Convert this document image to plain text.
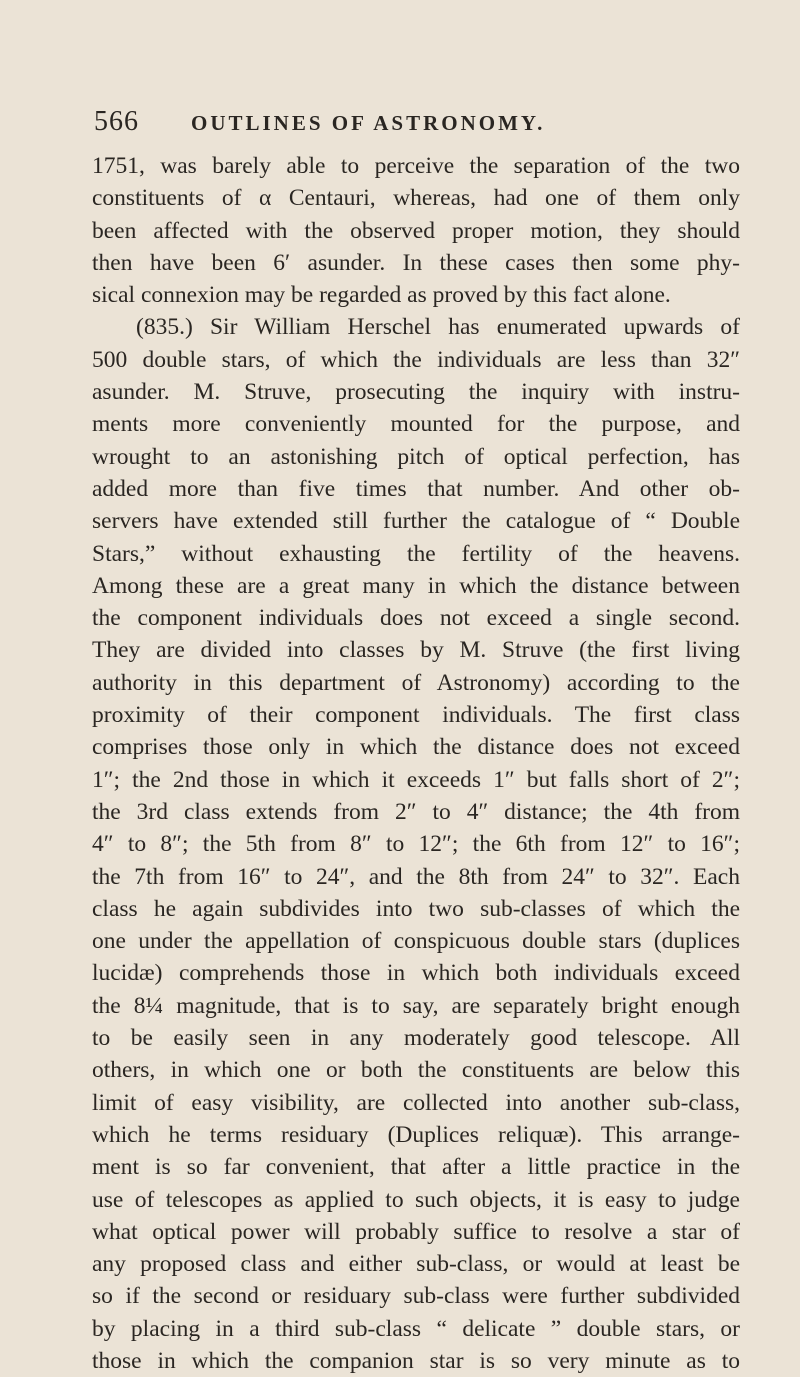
566 OUTLINES OF ASTRONOMY.
1751, was barely able to perceive the separation of the two
constituents of α Centauri, whereas, had one of them only
been affected with the observed proper motion, they should
then have been 6′ asunder. In these cases then some phy-
sical connexion may be regarded as proved by this fact alone.
(835.) Sir William Herschel has enumerated upwards of
500 double stars, of which the individuals are less than 32″
asunder. M. Struve, prosecuting the inquiry with instru-
ments more conveniently mounted for the purpose, and
wrought to an astonishing pitch of optical perfection, has
added more than five times that number. And other ob-
servers have extended still further the catalogue of “ Double
Stars,” without exhausting the fertility of the heavens.
Among these are a great many in which the distance between
the component individuals does not exceed a single second.
They are divided into classes by M. Struve (the first living
authority in this department of Astronomy) according to the
proximity of their component individuals. The first class
comprises those only in which the distance does not exceed
1″; the 2nd those in which it exceeds 1″ but falls short of 2″;
the 3rd class extends from 2″ to 4″ distance; the 4th from
4″ to 8″; the 5th from 8″ to 12″; the 6th from 12″ to 16″;
the 7th from 16″ to 24″, and the 8th from 24″ to 32″. Each
class he again subdivides into two sub-classes of which the
one under the appellation of conspicuous double stars (duplices
lucidæ) comprehends those in which both individuals exceed
the 8¼ magnitude, that is to say, are separately bright enough
to be easily seen in any moderately good telescope. All
others, in which one or both the constituents are below this
limit of easy visibility, are collected into another sub-class,
which he terms residuary (Duplices reliquæ). This arrange-
ment is so far convenient, that after a little practice in the
use of telescopes as applied to such objects, it is easy to judge
what optical power will probably suffice to resolve a star of
any proposed class and either sub-class, or would at least be
so if the second or residuary sub-class were further subdivided
by placing in a third sub-class “ delicate ” double stars, or
those in which the companion star is so very minute as to
